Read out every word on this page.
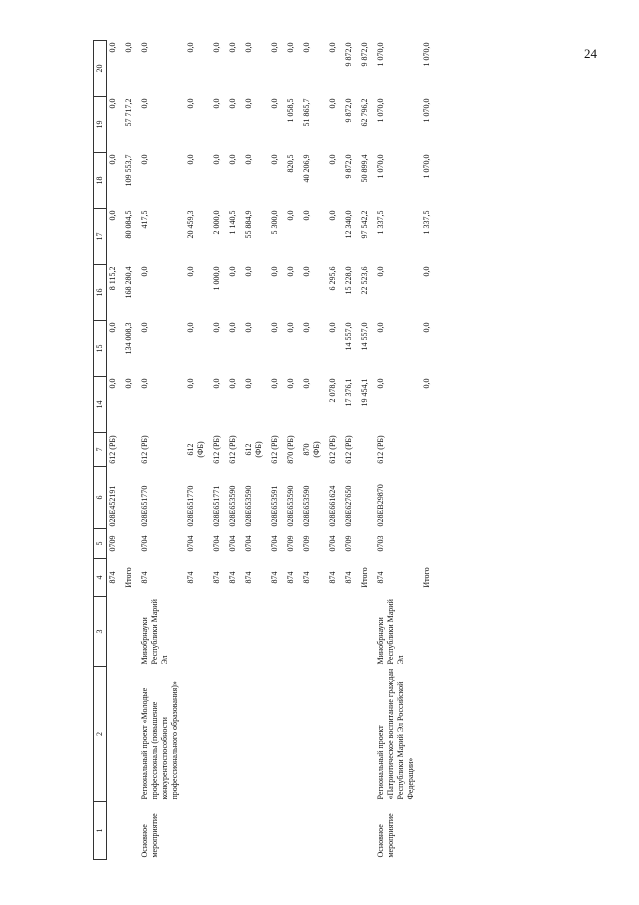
24
1	2	3	4	5	6	7	14	15	16	17	18	19	20
			874	0709	028E452191	612 (РБ)	0,0	0,0	8 115,2	0,0	0,0	0,0	0,0

			Итого				0,0	134 008,3	168 280,4	80 084,5	109 553,7	57 717,2	0,0

Основное мероприятие	Региональный проект «Молодые профессионалы (повышение конкурентоспособности профессионального образования)»	Минобрнауки Республики Марий Эл	874	0704	028E651770	612 (РБ)	0,0	0,0	0,0	417,5	0,0	0,0	0,0

			874	0704	028E651770	612 (ФБ)	0,0	0,0	0,0	20 459,3	0,0	0,0	0,0

			874	0704	028E651771	612 (РБ)	0,0	0,0	1 000,0	2 000,0	0,0	0,0	0,0

			874	0704	028E653590	612 (РБ)	0,0	0,0	0,0	1 140,5	0,0	0,0	0,0

			874	0704	028E653590	612 (ФБ)	0,0	0,0	0,0	55 884,9	0,0	0,0	0,0

			874	0704	028E653591	612 (РБ)	0,0	0,0	0,0	5 300,0	0,0	0,0	0,0

			874	0709	028E653590	870 (РБ)	0,0	0,0	0,0	0,0	820,5	1 058,5	0,0

			874	0709	028E653590	870 (ФБ)	0,0	0,0	0,0	0,0	40 206,9	51 865,7	0,0

			874	0704	028E661624	612 (РБ)	2 078,0	0,0	6 295,6	0,0	0,0	0,0	0,0

			874	0709	028E627650	612 (РБ)	17 376,1	14 557,0	15 228,0	12 340,0	9 872,0	9 872,0	9 872,0

			Итого				19 454,1	14 557,0	22 523,6	97 542,2	50 899,4	62 796,2	9 872,0

Основное мероприятие	Региональный проект «Патриотическое воспитание граждан Республики Марий Эл Российской Федерации»	Минобрнауки Республики Марий Эл	874	0703	028EB29870	612 (РБ)	0,0	0,0	0,0	1 337,5	1 070,0	1 070,0	1 070,0

			Итого				0,0	0,0	0,0	1 337,5	1 070,0	1 070,0	1 070,0
